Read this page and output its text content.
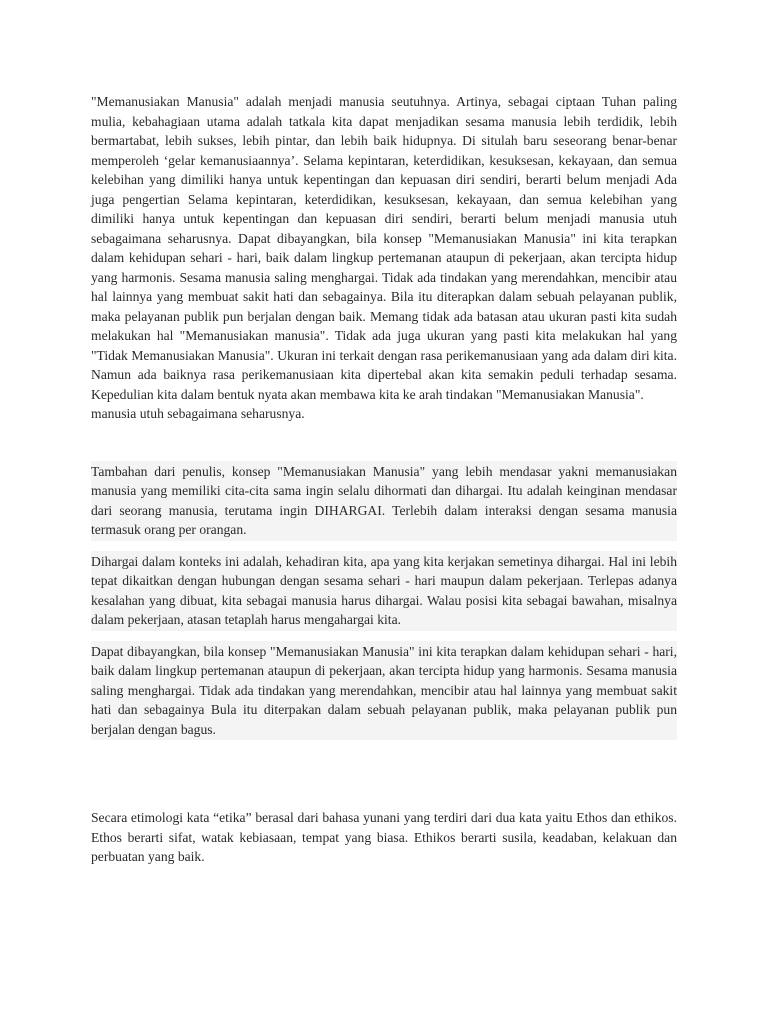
"Memanusiakan Manusia" adalah menjadi manusia seutuhnya. Artinya, sebagai ciptaan Tuhan paling mulia, kebahagiaan utama adalah tatkala kita dapat menjadikan sesama manusia lebih terdidik, lebih bermartabat, lebih sukses, lebih pintar, dan lebih baik hidupnya. Di situlah baru seseorang benar-benar memperoleh ‘gelar kemanusiaannya’. Selama kepintaran, keterdidikan, kesuksesan, kekayaan, dan semua kelebihan yang dimiliki hanya untuk kepentingan dan kepuasan diri sendiri, berarti belum menjadi Ada juga pengertian Selama kepintaran, keterdidikan, kesuksesan, kekayaan, dan semua kelebihan yang dimiliki hanya untuk kepentingan dan kepuasan diri sendiri, berarti belum menjadi manusia utuh sebagaimana seharusnya. Dapat dibayangkan, bila konsep "Memanusiakan Manusia" ini kita terapkan dalam kehidupan sehari - hari, baik dalam lingkup pertemanan ataupun di pekerjaan, akan tercipta hidup yang harmonis. Sesama manusia saling menghargai. Tidak ada tindakan yang merendahkan, mencibir atau hal lainnya yang membuat sakit hati dan sebagainya. Bila itu diterapkan dalam sebuah pelayanan publik, maka pelayanan publik pun berjalan dengan baik. Memang tidak ada batasan atau ukuran pasti kita sudah melakukan hal "Memanusiakan manusia". Tidak ada juga ukuran yang pasti kita melakukan hal yang "Tidak Memanusiakan Manusia". Ukuran ini terkait dengan rasa perikemanusiaan yang ada dalam diri kita. Namun ada baiknya rasa perikemanusiaan kita dipertebal akan kita semakin peduli terhadap sesama. Kepedulian kita dalam bentuk nyata akan membawa kita ke arah tindakan "Memanusiakan Manusia".

manusia utuh sebagaimana seharusnya.

Tambahan dari penulis, konsep "Memanusiakan Manusia" yang lebih mendasar yakni memanusiakan manusia yang memiliki cita-cita sama ingin selalu dihormati dan dihargai. Itu adalah keinginan mendasar dari seorang manusia, terutama ingin DIHARGAI. Terlebih dalam interaksi dengan sesama manusia termasuk orang per orangan.

Dihargai dalam konteks ini adalah, kehadiran kita, apa yang kita kerjakan semetinya dihargai. Hal ini lebih tepat dikaitkan dengan hubungan dengan sesama sehari - hari maupun dalam pekerjaan. Terlepas adanya kesalahan yang dibuat, kita sebagai manusia harus dihargai. Walau posisi kita sebagai bawahan, misalnya dalam pekerjaan, atasan tetaplah harus mengahargai kita.

Dapat dibayangkan, bila konsep "Memanusiakan Manusia" ini kita terapkan dalam kehidupan sehari - hari, baik dalam lingkup pertemanan ataupun di pekerjaan, akan tercipta hidup yang harmonis. Sesama manusia saling menghargai. Tidak ada tindakan yang merendahkan, mencibir atau hal lainnya yang membuat sakit hati dan sebagainya Bula itu diterpakan dalam sebuah pelayanan publik, maka pelayanan publik pun berjalan dengan bagus.

Secara etimologi kata “etika” berasal dari bahasa yunani yang terdiri dari dua kata yaitu Ethos dan ethikos. Ethos berarti sifat, watak kebiasaan, tempat yang biasa. Ethikos berarti susila, keadaban, kelakuan dan perbuatan yang baik.
